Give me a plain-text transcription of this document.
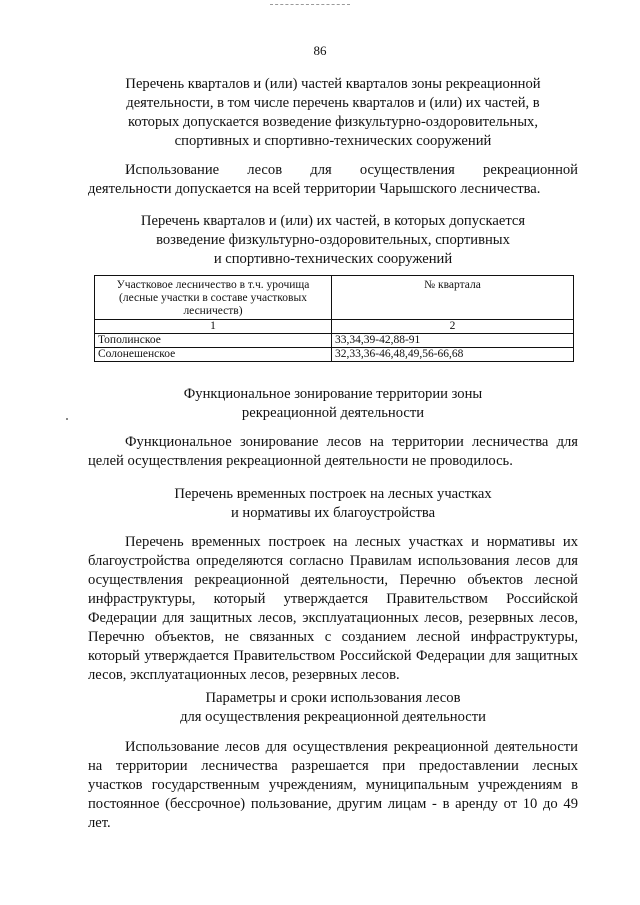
86
Перечень кварталов и (или) частей кварталов зоны рекреационной
деятельности, в том числе перечень кварталов и (или) их частей, в
которых допускается возведение физкультурно-оздоровительных,
спортивных и спортивно-технических сооружений
Использование лесов для осуществления рекреационной
деятельности допускается на всей территории Чарышского лесничества.
Перечень кварталов и (или) их частей, в которых допускается
возведение физкультурно-оздоровительных, спортивных
и спортивно-технических сооружений
Участковое лесничество в т.ч. урочища (лесные участки в составе участковых лесничеств)	№ квартала
1	2
Тополинское	33,34,39-42,88-91
Солонешенское	32,33,36-46,48,49,56-66,68
Функциональное зонирование территории зоны
рекреационной деятельности
Функциональное зонирование лесов на территории лесничества для
целей осуществления рекреационной деятельности не проводилось.
Перечень временных построек на лесных участках
и нормативы их благоустройства
Перечень временных построек на лесных участках и нормативы их
благоустройства определяются согласно Правилам использования лесов для
осуществления рекреационной деятельности, Перечню объектов лесной
инфраструктуры, который утверждается Правительством Российской
Федерации для защитных лесов, эксплуатационных лесов, резервных лесов,
Перечню объектов, не связанных с созданием лесной инфраструктуры,
который утверждается Правительством Российской Федерации для защитных
лесов, эксплуатационных лесов, резервных лесов.
Параметры и сроки использования лесов
для осуществления рекреационной деятельности
Использование лесов для осуществления рекреационной деятельности
на территории лесничества разрешается при предоставлении лесных
участков государственным учреждениям, муниципальным учреждениям в
постоянное (бессрочное) пользование, другим лицам - в аренду от 10 до 49
лет.
